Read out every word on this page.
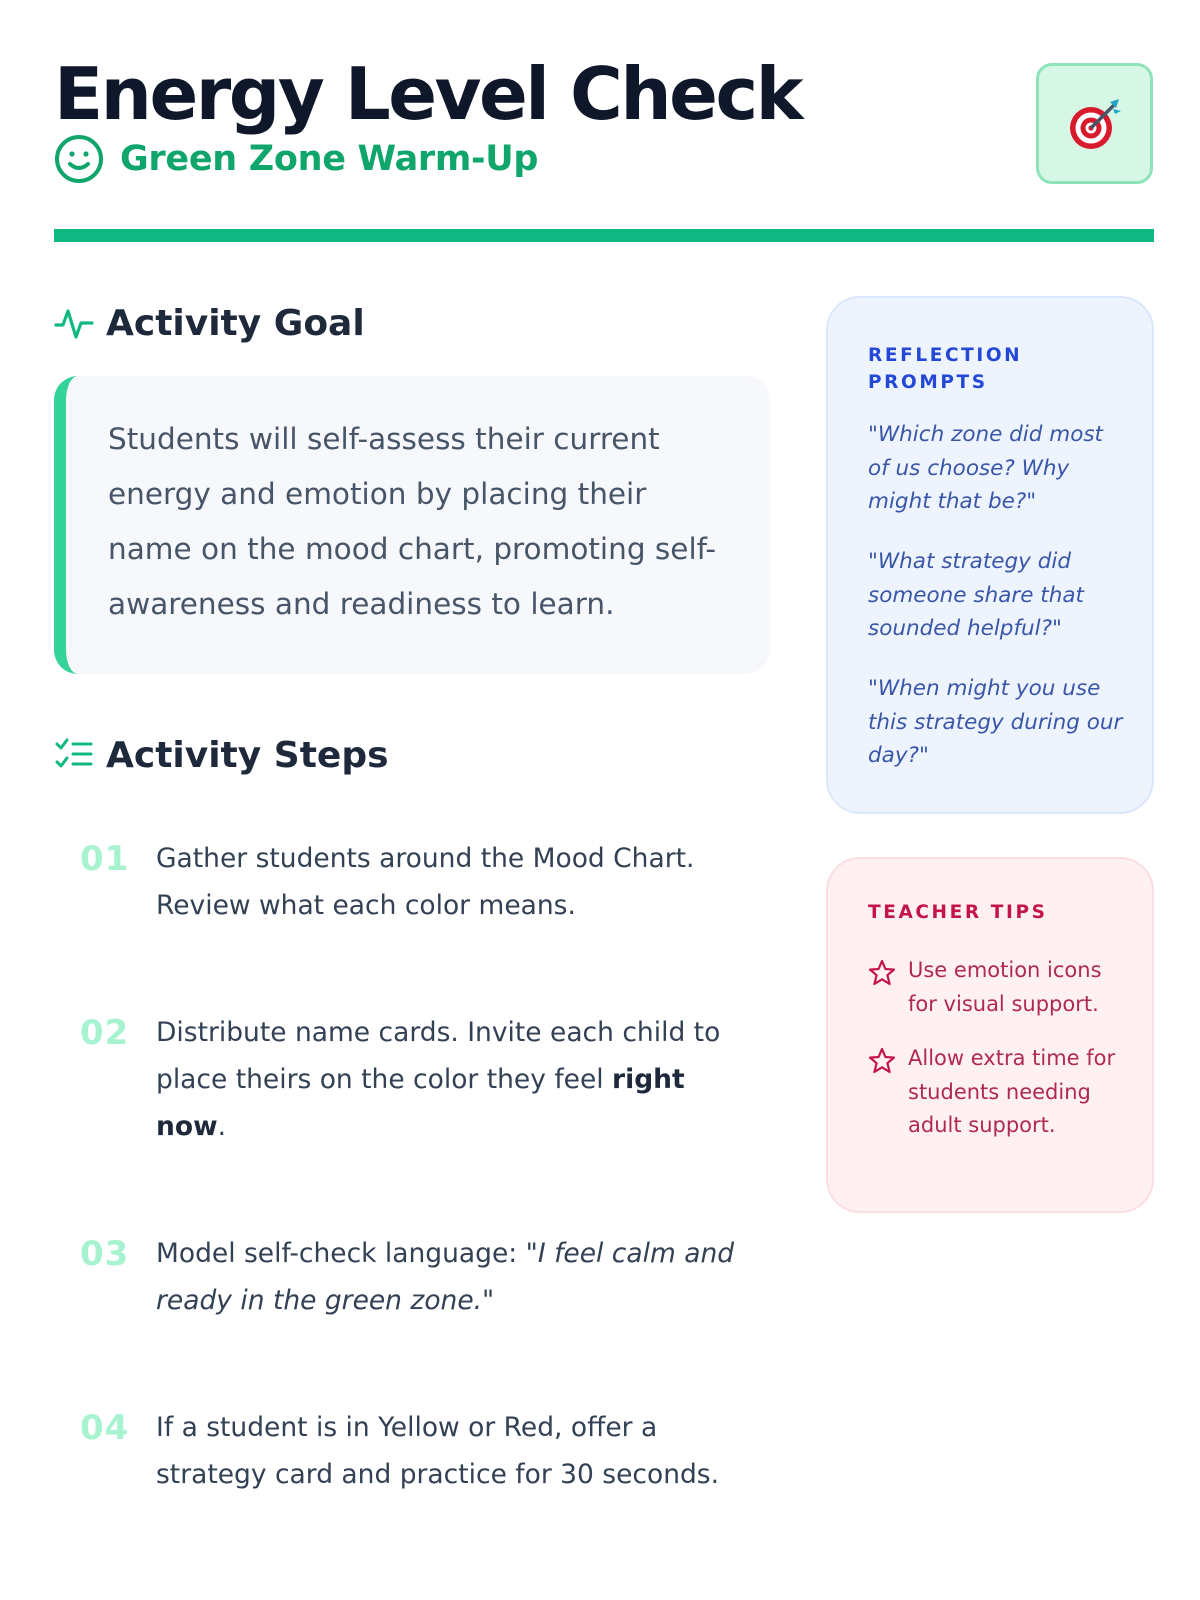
Energy Level Check
Green Zone Warm-Up
Activity Goal

Students will self-assess their current energy and emotion by placing their name on the mood chart, promoting self-awareness and readiness to learn.

Activity Steps
01 Gather students around the Mood Chart. Review what each color means.

02 Distribute name cards. Invite each child to place theirs on the color they feel right now.

03 Model self-check language: "I feel calm and ready in the green zone."

04 If a student is in Yellow or Red, offer a strategy card and practice for 30 seconds.

REFLECTION PROMPTS

"Which zone did most of us choose? Why might that be?"

"What strategy did someone share that sounded helpful?"

"When might you use this strategy during our day?"

TEACHER TIPS

Use emotion icons for visual support.

Allow extra time for students needing adult support.
